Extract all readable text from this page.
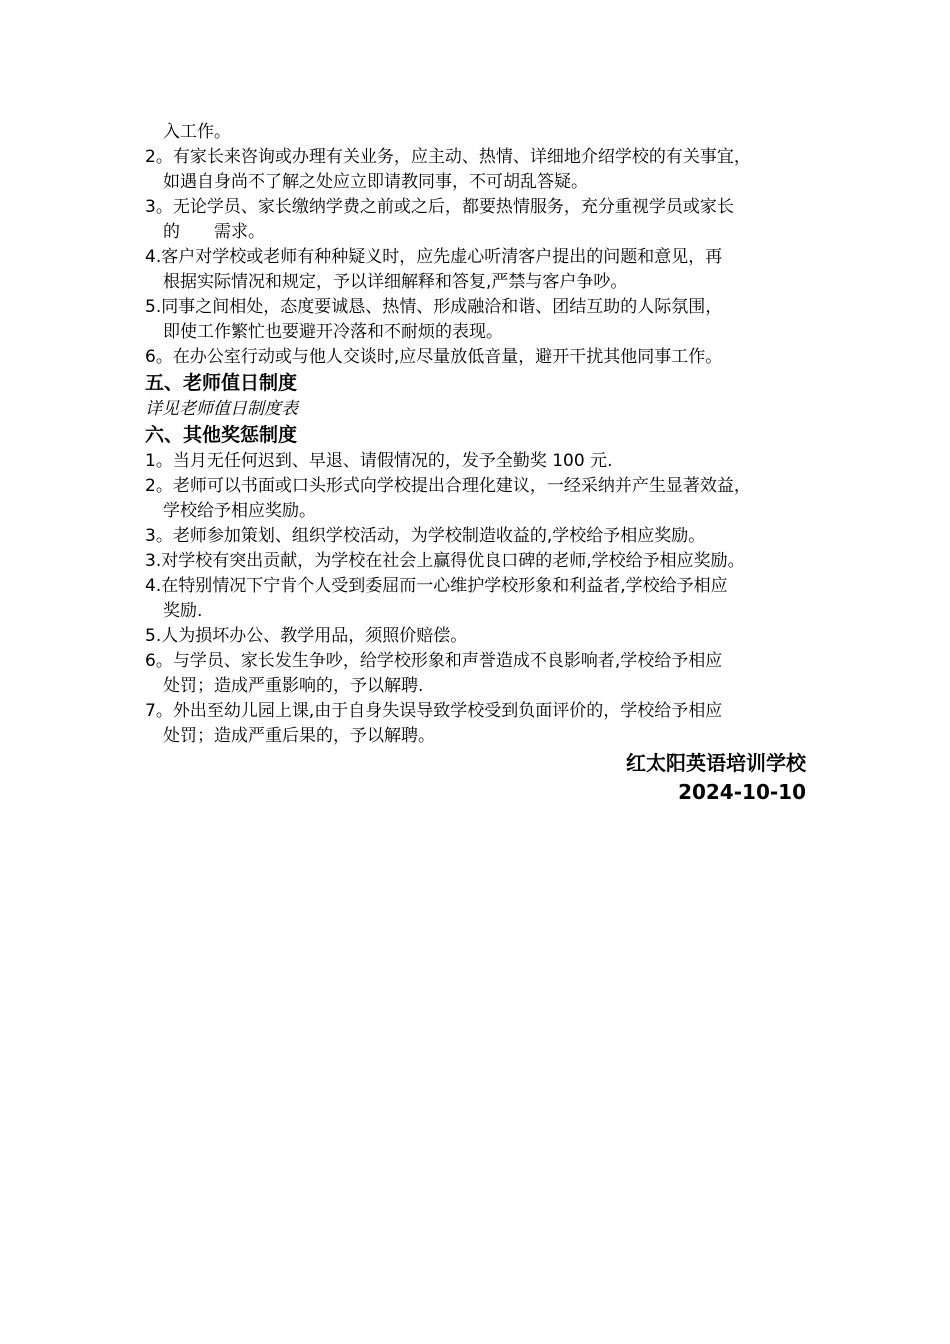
入工作。
2。有家长来咨询或办理有关业务，应主动、热情、详细地介绍学校的有关事宜，
如遇自身尚不了解之处应立即请教同事，不可胡乱答疑。
3。无论学员、家长缴纳学费之前或之后，都要热情服务，充分重视学员或家长
的　　需求。
4.客户对学校或老师有种种疑义时，应先虚心听清客户提出的问题和意见，再
根据实际情况和规定，予以详细解释和答复,严禁与客户争吵。
5.同事之间相处，态度要诚恳、热情、形成融洽和谐、团结互助的人际氛围，
即使工作繁忙也要避开冷落和不耐烦的表现。
6。在办公室行动或与他人交谈时,应尽量放低音量，避开干扰其他同事工作。
五、老师值日制度
详见老师值日制度表
六、其他奖惩制度
1。当月无任何迟到、早退、请假情况的，发予全勤奖 100 元.
2。老师可以书面或口头形式向学校提出合理化建议，一经采纳并产生显著效益，
学校给予相应奖励。
3。老师参加策划、组织学校活动，为学校制造收益的,学校给予相应奖励。
3.对学校有突出贡献，为学校在社会上赢得优良口碑的老师,学校给予相应奖励。
4.在特别情况下宁肯个人受到委屈而一心维护学校形象和利益者,学校给予相应
奖励.
5.人为损坏办公、教学用品，须照价赔偿。
6。与学员、家长发生争吵，给学校形象和声誉造成不良影响者,学校给予相应
处罚；造成严重影响的，予以解聘.
7。外出至幼儿园上课,由于自身失误导致学校受到负面评价的，学校给予相应
处罚；造成严重后果的，予以解聘。
红太阳英语培训学校
2024-10-10
